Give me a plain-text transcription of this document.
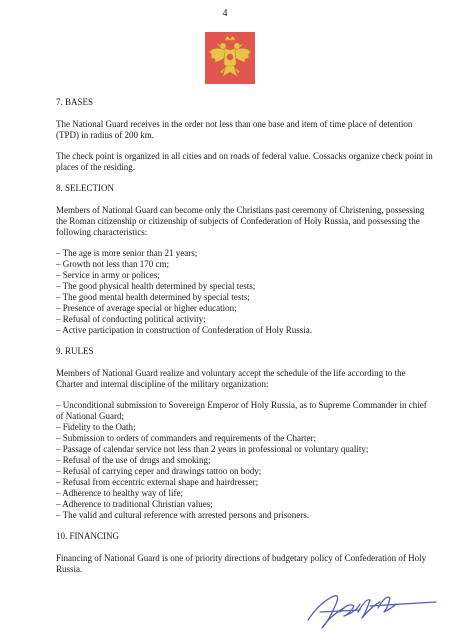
4

7. BASES

The National Guard receives in the order not less than one base and item of time place of detention (TPD) in radius of 200 km.

The check point is organized in all cities and on roads of federal value. Cossacks organize check point in places of the residing.

8. SELECTION

Members of National Guard can become only the Christians past ceremony of Christening, possessing the Roman citizenship or citizenship of subjects of Confederation of Holy Russia, and possessing the following characteristics:

– The age is more senior than 21 years;
– Growth not less than 170 cm;
– Service in army or polices;
– The good physical health determined by special tests;
– The good mental health determined by special tests;
– Presence of average special or higher education;
– Refusal of conducting political activity;
– Active participation in construction of Confederation of Holy Russia.

9. RULES

Members of National Guard realize and voluntary accept the schedule of the life according to the Charter and internal discipline of the military organization:

– Unconditional submission to Sovereign Emperor of Holy Russia, as to Supreme Commander in chief of National Guard;
– Fidelity to the Oath;
– Submission to orders of commanders and requirements of the Charter;
– Passage of calendar service not less than 2 years in professional or voluntary quality;
– Refusal of the use of drugs and smoking;
– Refusal of carrying ceper and drawings tattoo on body;
– Refusal from eccentric external shape and hairdresser;
– Adherence to healthy way of life;
– Adherence to traditional Christian values;
– The valid and cultural reference with arrested persons and prisoners.

10. FINANCING

Financing of National Guard is one of priority directions of budgetary policy of Confederation of Holy Russia.
